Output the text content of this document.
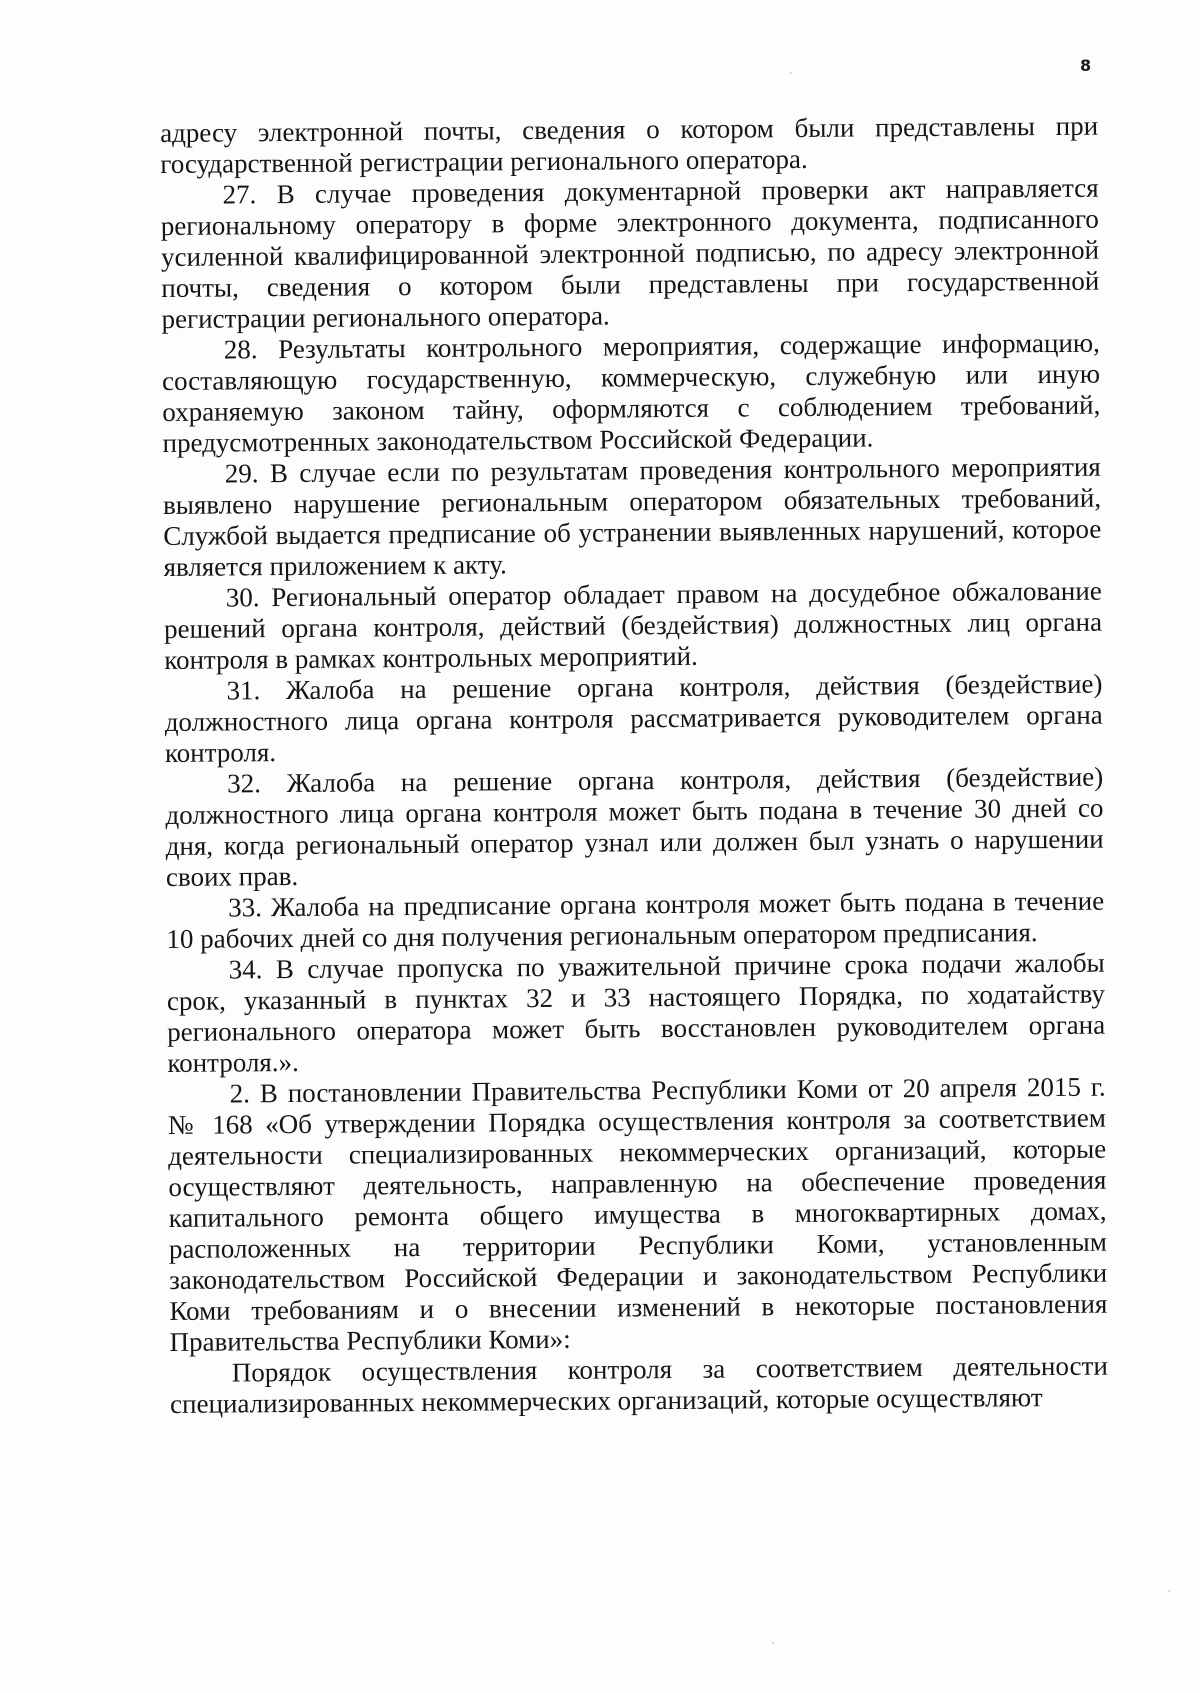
8

адресу электронной почты, сведения о котором были представлены при государственной регистрации регионального оператора.

27. В случае проведения документарной проверки акт направляется региональному оператору в форме электронного документа, подписанного усиленной квалифицированной электронной подписью, по адресу электронной почты, сведения о котором были представлены при государственной регистрации регионального оператора.

28. Результаты контрольного мероприятия, содержащие информацию, составляющую государственную, коммерческую, служебную или иную охраняемую законом тайну, оформляются с соблюдением требований, предусмотренных законодательством Российской Федерации.

29. В случае если по результатам проведения контрольного мероприятия выявлено нарушение региональным оператором обязательных требований, Службой выдается предписание об устранении выявленных нарушений, которое является приложением к акту.

30. Региональный оператор обладает правом на досудебное обжалование решений органа контроля, действий (бездействия) должностных лиц органа контроля в рамках контрольных мероприятий.

31. Жалоба на решение органа контроля, действия (бездействие) должностного лица органа контроля рассматривается руководителем органа контроля.

32. Жалоба на решение органа контроля, действия (бездействие) должностного лица органа контроля может быть подана в течение 30 дней со дня, когда региональный оператор узнал или должен был узнать о нарушении своих прав.

33. Жалоба на предписание органа контроля может быть подана в течение 10 рабочих дней со дня получения региональным оператором предписания.

34. В случае пропуска по уважительной причине срока подачи жалобы срок, указанный в пунктах 32 и 33 настоящего Порядка, по ходатайству регионального оператора может быть восстановлен руководителем органа контроля.».

2. В постановлении Правительства Республики Коми от 20 апреля 2015 г. № 168 «Об утверждении Порядка осуществления контроля за соответствием деятельности специализированных некоммерческих организаций, которые осуществляют деятельность, направленную на обеспечение проведения капитального ремонта общего имущества в многоквартирных домах, расположенных на территории Республики Коми, установленным законодательством Российской Федерации и законодательством Республики Коми требованиям и о внесении изменений в некоторые постановления Правительства Республики Коми»:

Порядок осуществления контроля за соответствием деятельности специализированных некоммерческих организаций, которые осуществляют
